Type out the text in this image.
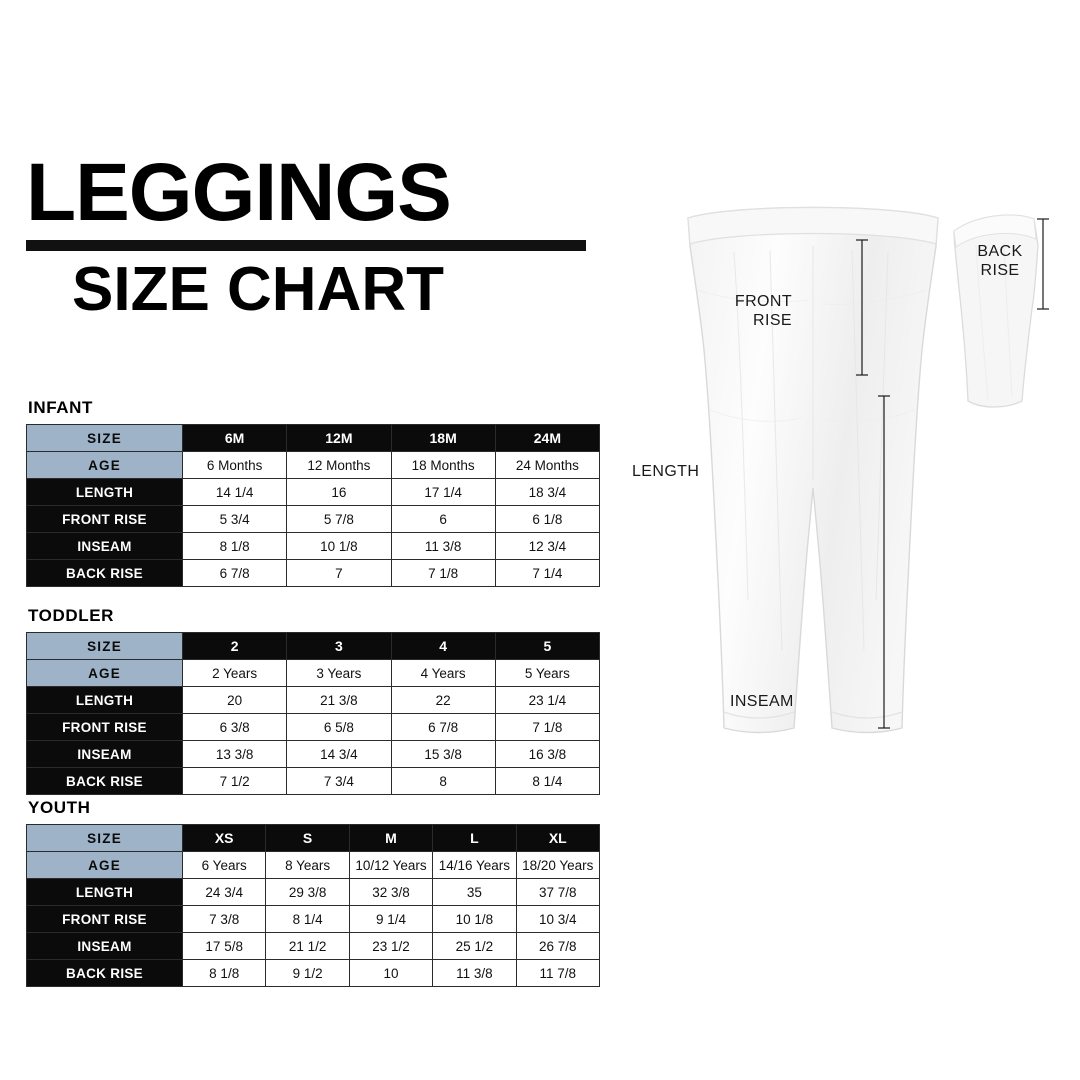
LEGGINGS
SIZE CHART
INFANT
SIZE	6M	12M	18M	24M
AGE	6 Months	12 Months	18 Months	24 Months
LENGTH	14 1/4	16	17 1/4	18 3/4
FRONT RISE	5 3/4	5 7/8	6	6 1/8
INSEAM	8 1/8	10 1/8	11 3/8	12 3/4
BACK RISE	6 7/8	7	7 1/8	7 1/4
TODDLER
SIZE	2	3	4	5
AGE	2 Years	3 Years	4 Years	5 Years
LENGTH	20	21 3/8	22	23 1/4
FRONT RISE	6 3/8	6 5/8	6 7/8	7 1/8
INSEAM	13 3/8	14 3/4	15 3/8	16 3/8
BACK RISE	7 1/2	7 3/4	8	8 1/4
YOUTH
SIZE	XS	S	M	L	XL
AGE	6 Years	8 Years	10/12 Years	14/16 Years	18/20 Years
LENGTH	24 3/4	29 3/8	32 3/8	35	37 7/8
FRONT RISE	7 3/8	8 1/4	9 1/4	10 1/8	10 3/4
INSEAM	17 5/8	21 1/2	23 1/2	25 1/2	26 7/8
BACK RISE	8 1/8	9 1/2	10	11 3/8	11 7/8
FRONT
RISE
LENGTH
INSEAM
BACK
RISE
